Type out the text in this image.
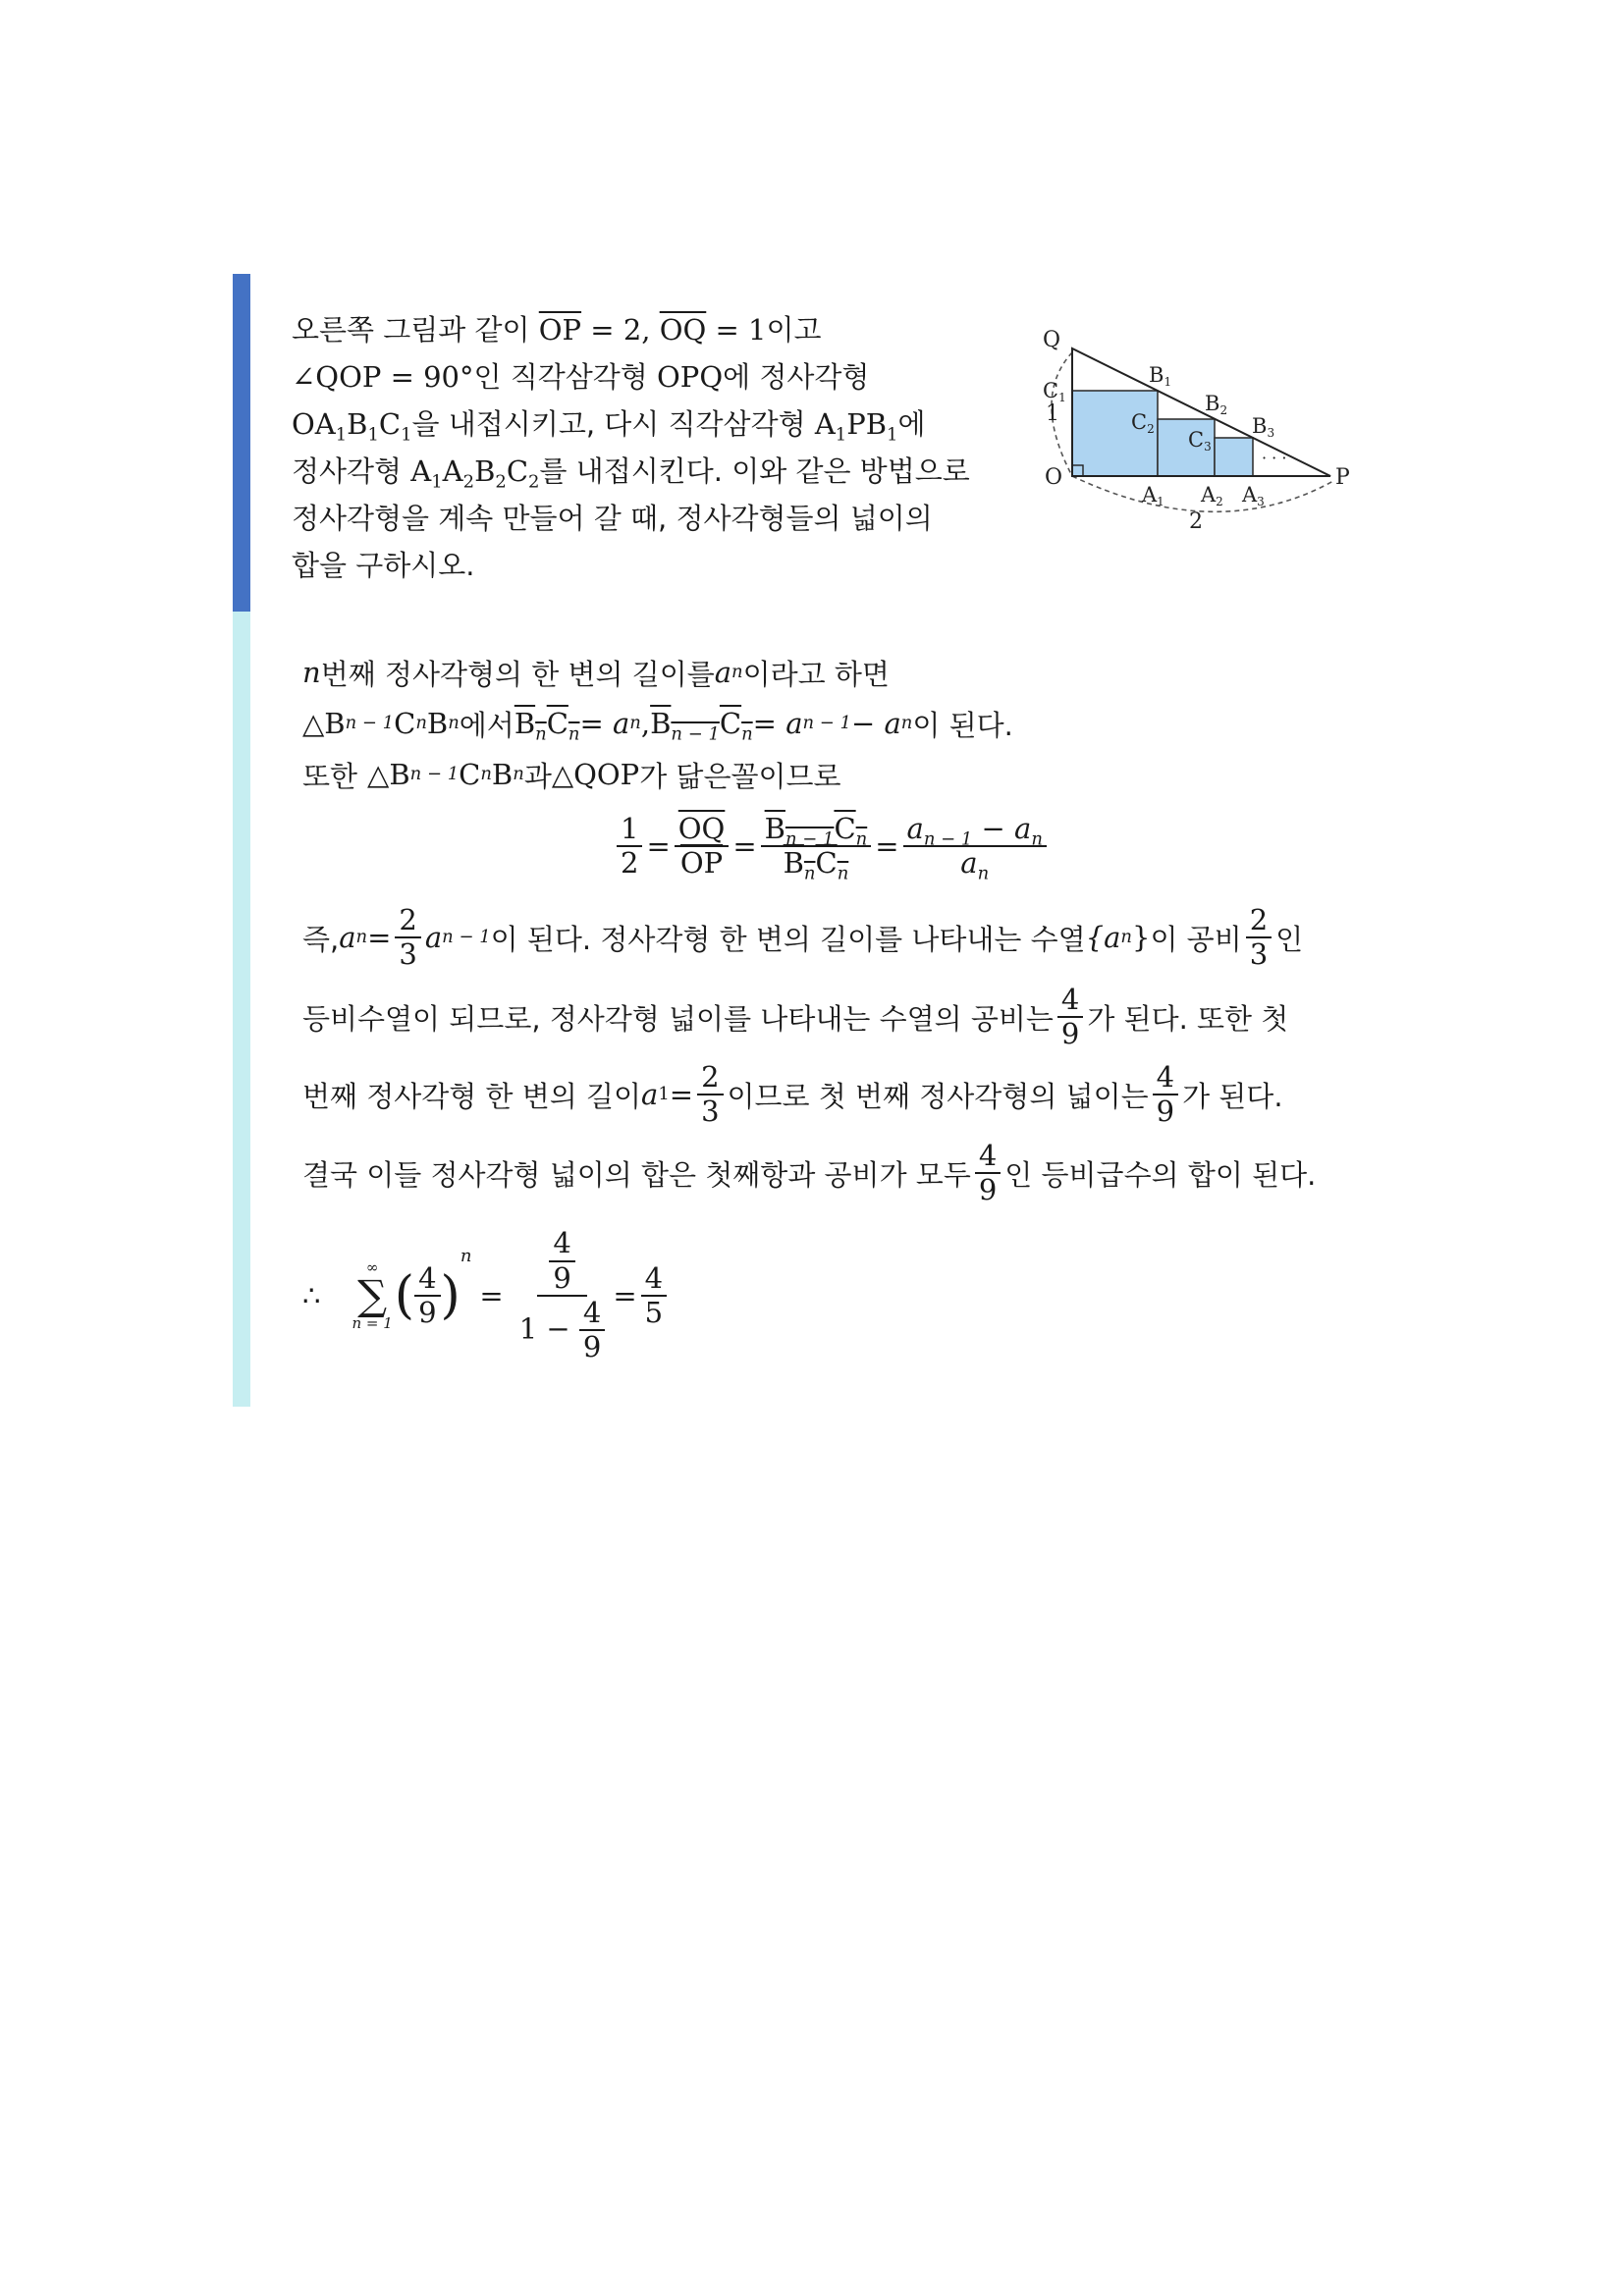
오른쪽 그림과 같이 $\overline{OP} = 2$, $\overline{OQ} = 1$이고
∠QOP = 90°인 직각삼각형 OPQ에 정사각형
$OA_1B_1C_1$을 내접시키고, 다시 직각삼각형 $A_1PB_1$에
정사각형 $A_1A_2B_2C_2$를 내접시킨다. 이와 같은 방법으로
정사각형을 계속 만들어 갈 때, 정사각형들의 넓이의
합을 구하시오.
Q
O	P
C1
B1
C2
B2
C3
B3
A1 A2 A3
1
2
· · ·
n 번째 정사각형의 한 변의 길이를 a n 이라고 하면
△B n − 1 C n B n 에서 $B_nC_n = a$ n , $B_{n - 1}C_n = a$ n − 1 − a n 이 된다.
또한 △B n − 1 C n B n 과 △QOP 가 닮은꼴이므로
$\frac{1}{2} = \frac{\overline{OQ}}{OP} = \frac{B_{n - 1}C_n}{B_nC_n} = \frac{a_{n - 1} - a_n}{a_n}$
즉, a $n = \frac{2}{3}$ a n − 1 이 된다. 정사각형 한 변의 길이를 나타내는 수열 {a n } 이 공비 $\frac{2}{3}$ 인
등비수열이 되므로, 정사각형 넓이를 나타내는 수열의 공비는 $\frac{4}{9}$ 가 된다. 또한 첫
번째 정사각형 한 변의 길이 a $1 = \frac{2}{3}$ 이므로 첫 번째 정사각형의 넓이는 $\frac{4}{9}$ 가 된다.
결국 이들 정사각형 넓이의 합은 첫째항과 공비가 모두 $\frac{4}{9}$ 인 등비급수의 합이 된다.
∴
∞
∑
n = 1 ( $\frac{4}{9}$ )
n
= $\frac{\frac{4}{9}}{1 - \frac{4}{9}} = \frac{4}{5}$
